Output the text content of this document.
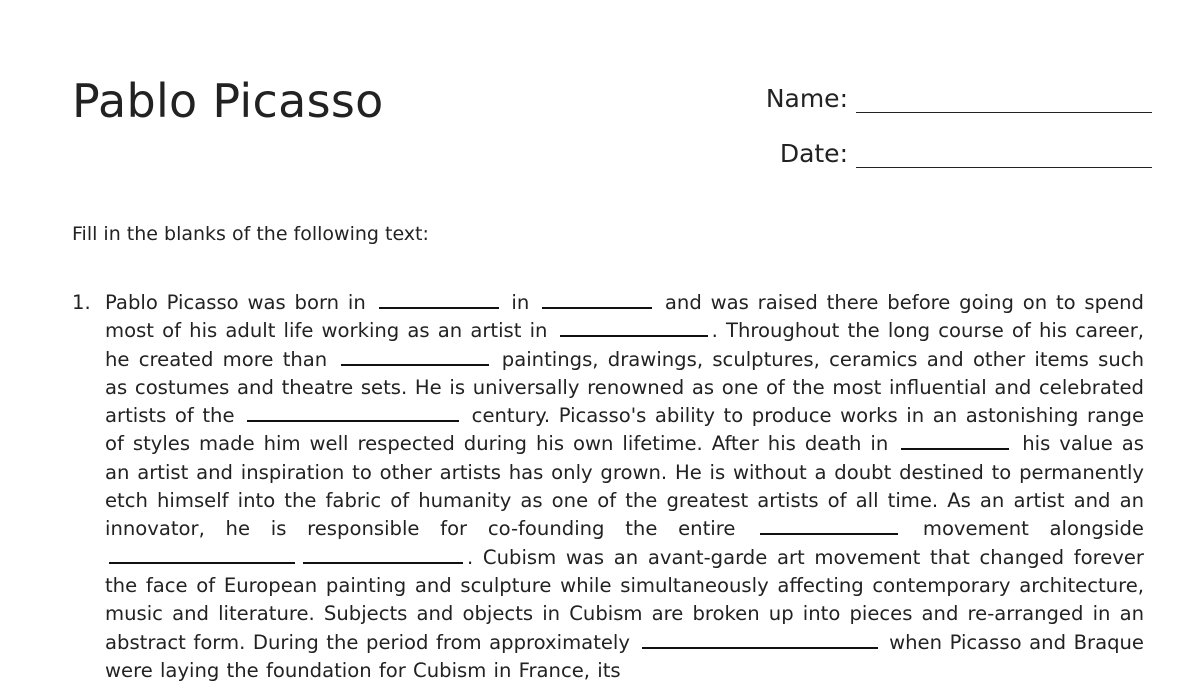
Pablo Picasso	Name:
Date:

Fill in the blanks of the following text:

1. Pablo Picasso was born in	in	and was raised there before going on to spend most of his adult life working as an artist in	. Throughout the long course of his career, he created more than	paintings, drawings, sculptures, ceramics and other items such as costumes and theatre sets. He is universally renowned as one of the most influential and celebrated artists of the	century. Picasso's ability to produce works in an astonishing range of styles made him well respected during his own lifetime. After his death in	his value as an artist and inspiration to other artists has only grown. He is without a doubt destined to permanently etch himself into the fabric of humanity as one of the greatest artists of all time. As an artist and an innovator, he is responsible for co-founding the entire	movement alongside . Cubism was an avant-garde art movement that changed forever the face of European painting and sculpture while simultaneously affecting contemporary architecture, music and literature. Subjects and objects in Cubism are broken up into pieces and re-arranged in an abstract form. During the period from approximately	when Picasso and Braque were laying the foundation for Cubism in France, its
